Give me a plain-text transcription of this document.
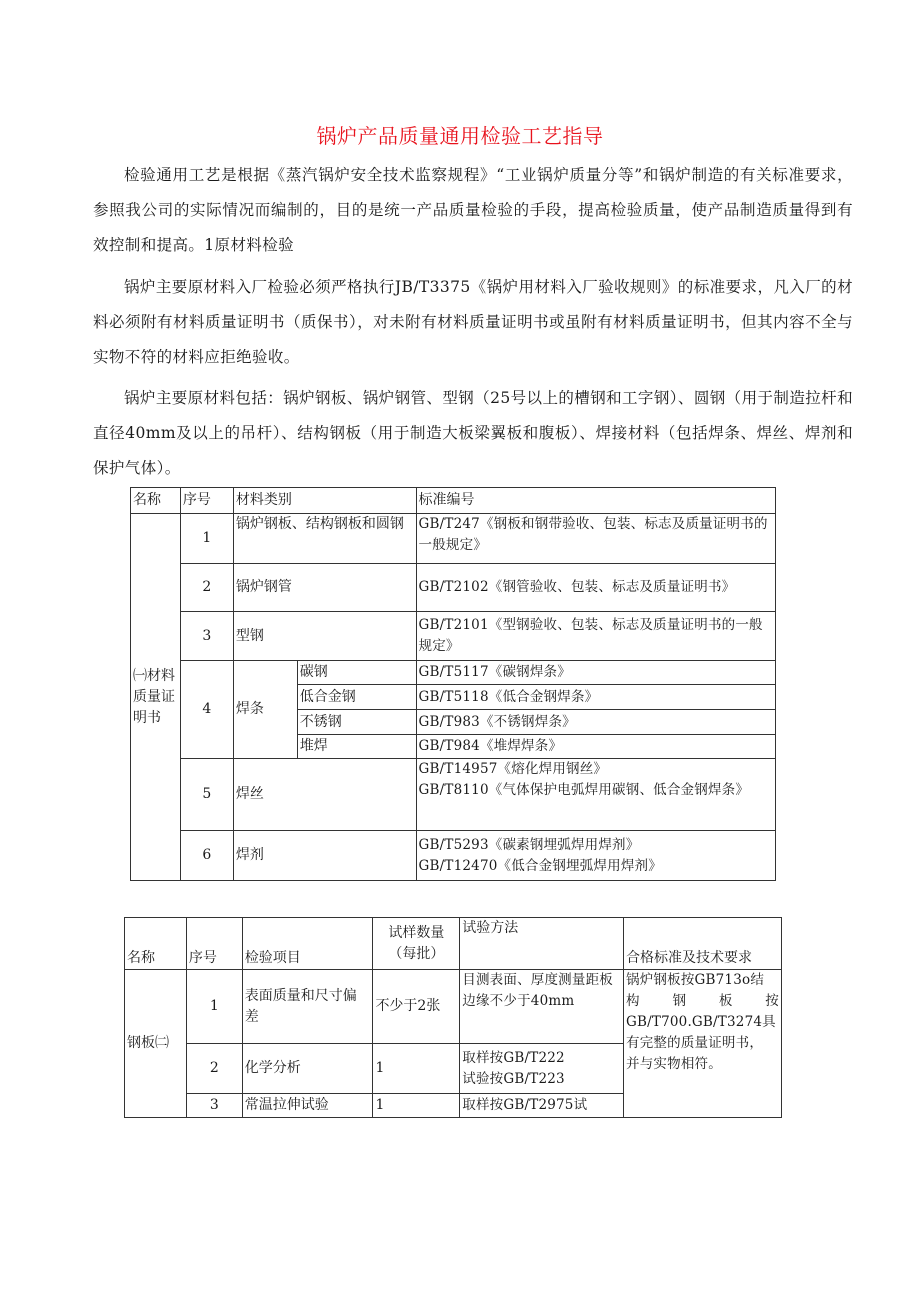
锅炉产品质量通用检验工艺指导

检验通用工艺是根据《蒸汽锅炉安全技术监察规程》“工业锅炉质量分等”和锅炉制造的有关标准要求，参照我公司的实际情况而编制的，目的是统一产品质量检验的手段，提高检验质量，使产品制造质量得到有效控制和提高。1原材料检验

锅炉主要原材料入厂检验必须严格执行JB/T3375《锅炉用材料入厂验收规则》的标准要求，凡入厂的材料必须附有材料质量证明书（质保书），对未附有材料质量证明书或虽附有材料质量证明书，但其内容不全与实物不符的材料应拒绝验收。

锅炉主要原材料包括：锅炉钢板、锅炉钢管、型钢（25号以上的槽钢和工字钢）、圆钢（用于制造拉杆和直径40mm及以上的吊杆）、结构钢板（用于制造大板梁翼板和腹板）、焊接材料（包括焊条、焊丝、焊剂和保护气体）。

名称	序号	材料类别		标准编号
㈠材料质量证明书	1	锅炉钢板、结构钢板和圆钢		GB/T247《钢板和钢带验收、包装、标志及质量证明书的一般规定》
	2	锅炉钢管		GB/T2102《钢管验收、包装、标志及质量证明书》
	3	型钢		GB/T2101《型钢验收、包装、标志及质量证明书的一般规定》
	4	焊条	碳钢	GB/T5117《碳钢焊条》
			低合金钢	GB/T5118《低合金钢焊条》
			不锈钢	GB/T983《不锈钢焊条》
			堆焊	GB/T984《堆焊焊条》
	5	焊丝		GB/T14957《熔化焊用钢丝》
GB/T8110《气体保护电弧焊用碳钢、低合金钢焊条》

	6	焊剂		GB/T5293《碳素钢埋弧焊用焊剂》
GB/T12470《低合金钢埋弧焊用焊剂》
名称	序号	检验项目	试样数量（每批）	试验方法	合格标准及技术要求
钢板㈡	1	表面质量和尺寸偏差	不少于2张	目测表面、厚度测量距板边缘不少于40mm	锅炉钢板按GB713o结
构钢板按
GB/T700.GB/T3274具
有完整的质量证明书，
并与实物相符。

	2	化学分析	1	取样按GB/T222
试验按GB/T223	

	3	常温拉伸试验	1	取样按GB/T2975试	
